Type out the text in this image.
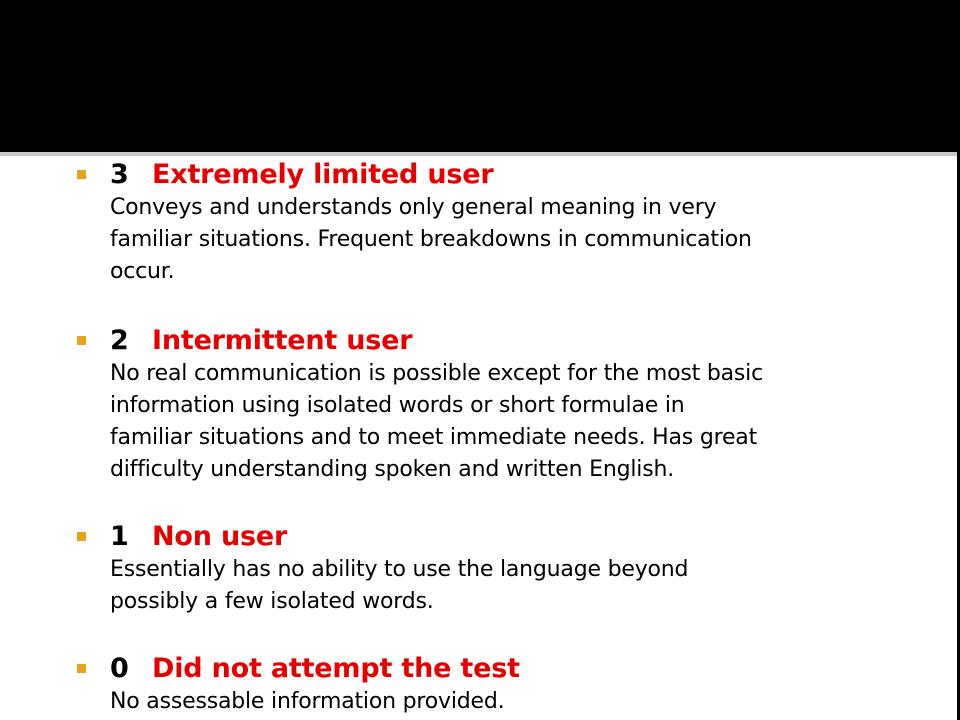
3 Extremely limited user
Conveys and understands only general meaning in very
familiar situations. Frequent breakdowns in communication
occur.
2 Intermittent user
No real communication is possible except for the most basic
information using isolated words or short formulae in
familiar situations and to meet immediate needs. Has great
difficulty understanding spoken and written English.
1 Non user
Essentially has no ability to use the language beyond
possibly a few isolated words.
0 Did not attempt the test
No assessable information provided.
